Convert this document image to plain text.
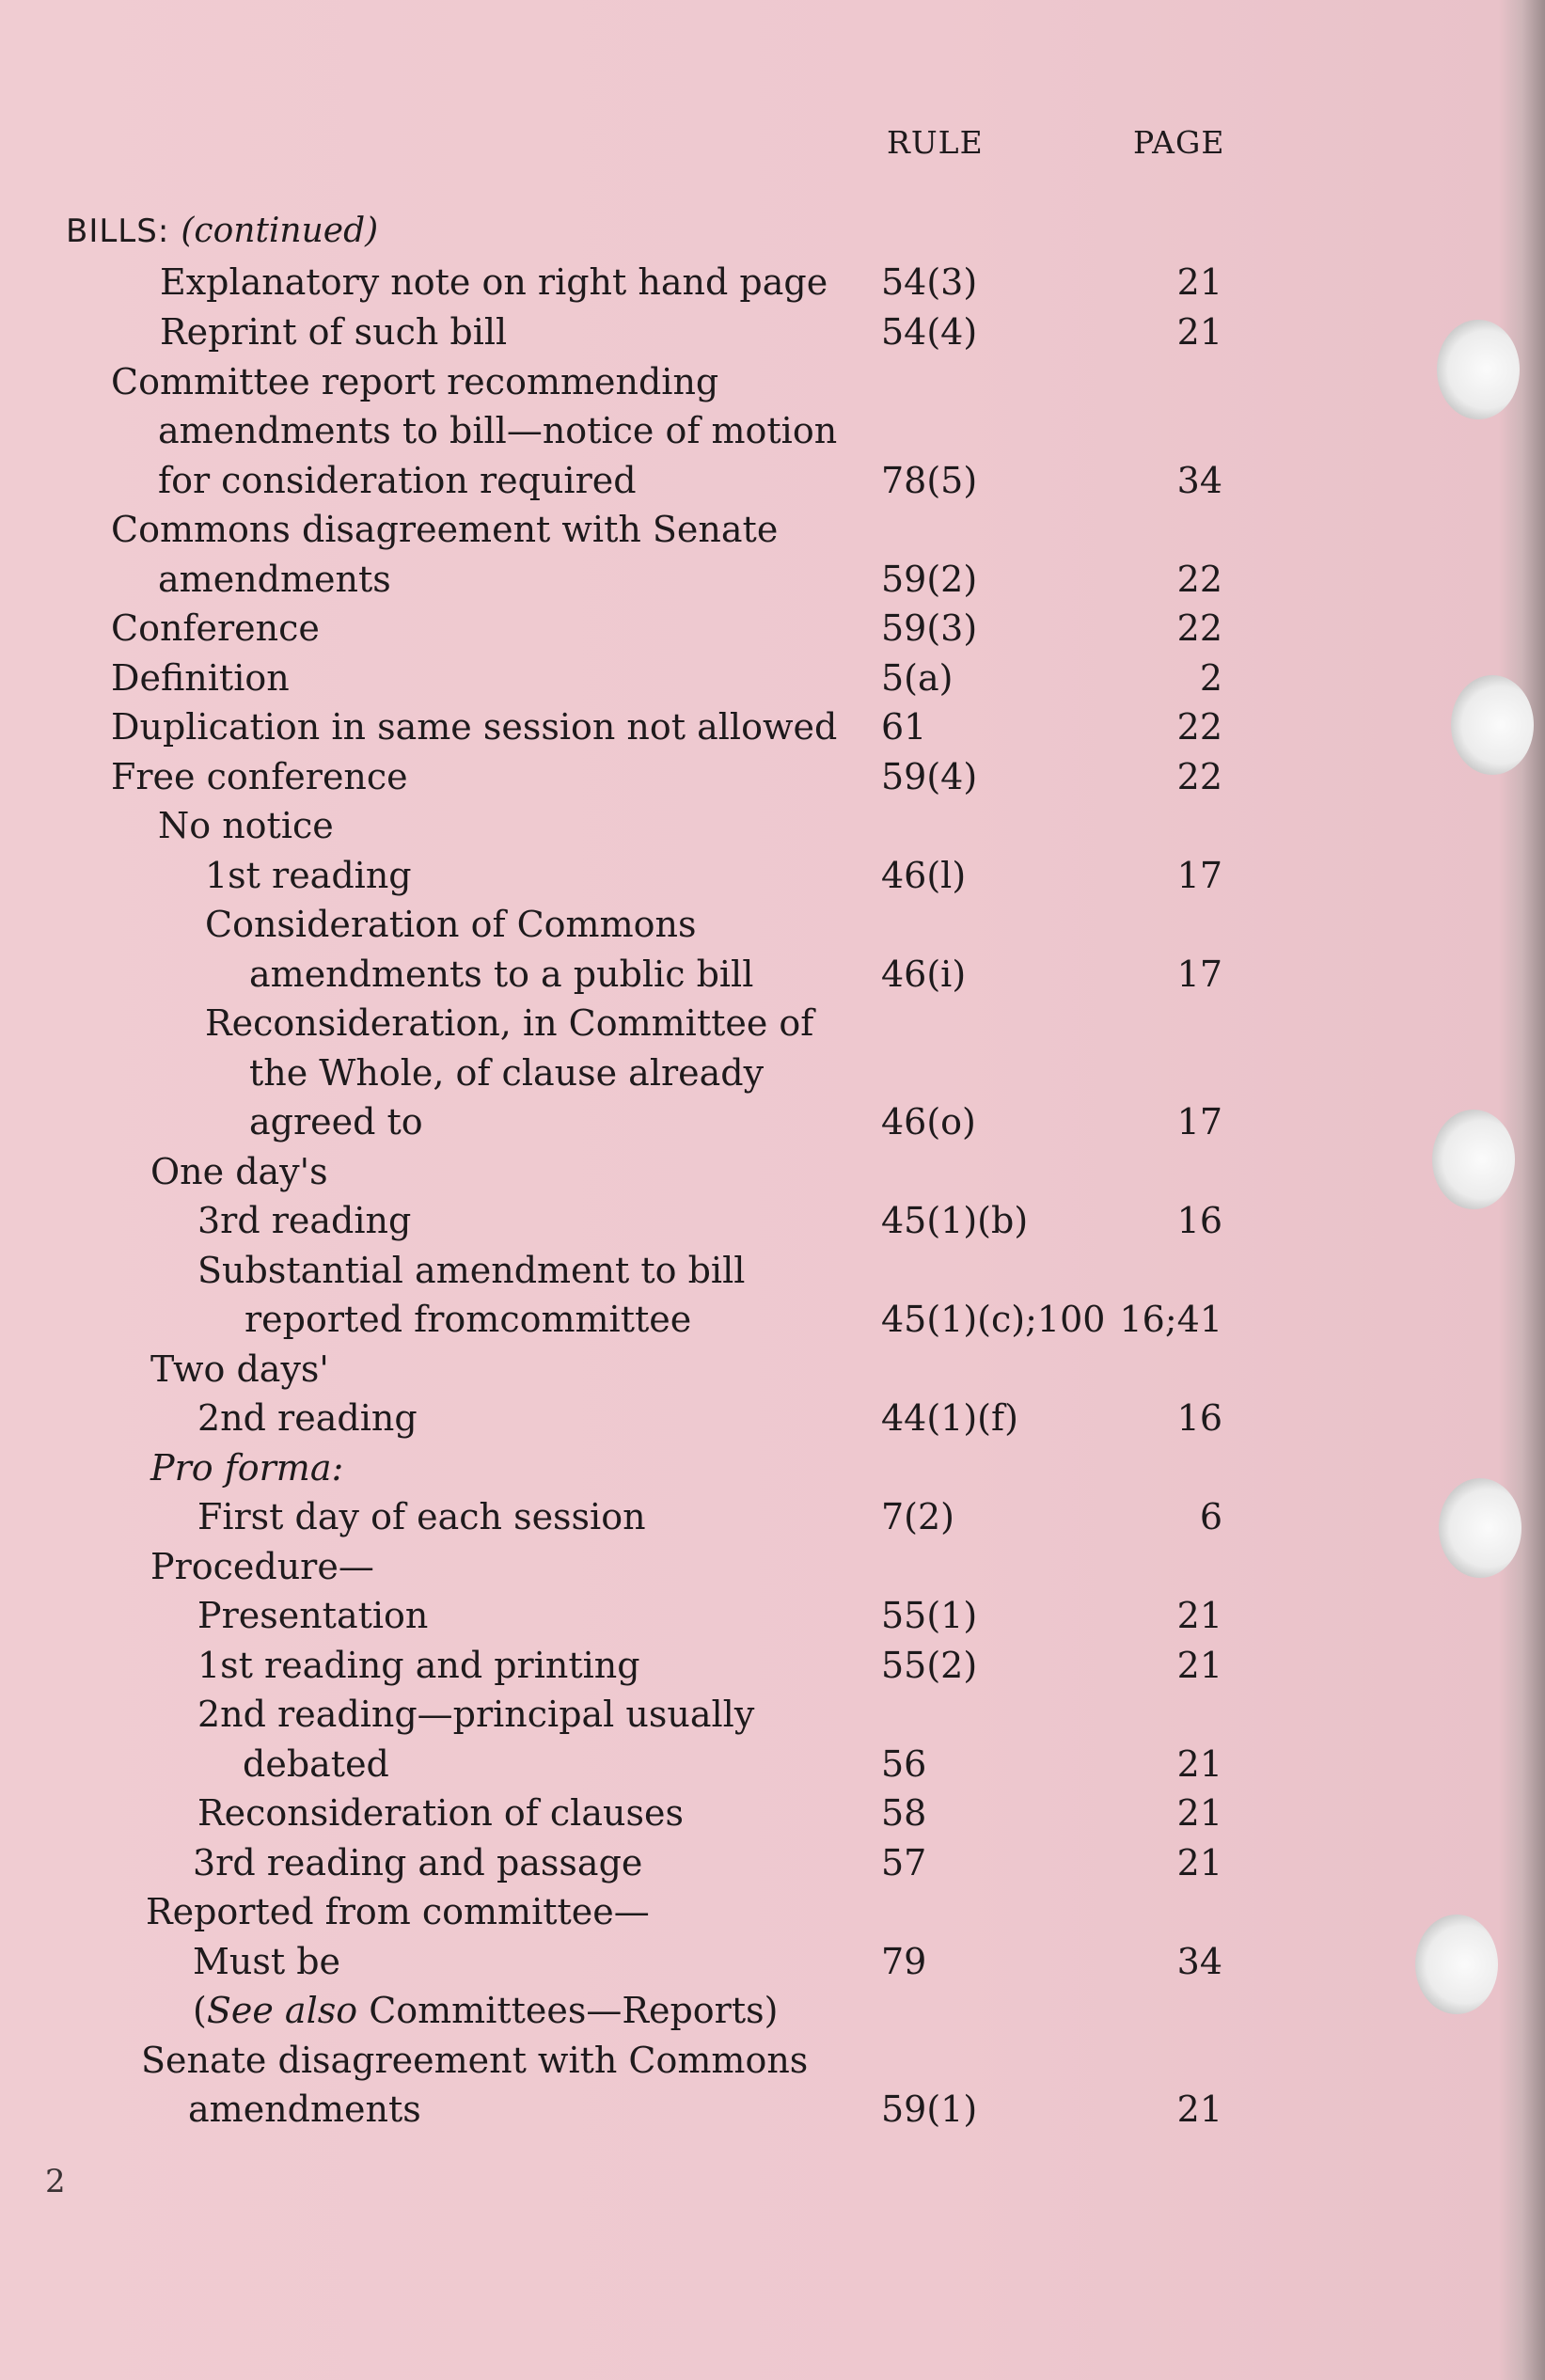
RULE	PAGE
BILLS: (continued)
Explanatory note on right hand page 54(3)	21
Reprint of such bill	54(4)	21
Committee report recommending
amendments to bill—notice of motion
for consideration required	78(5)	34
Commons disagreement with Senate
amendments	59(2)	22
Conference	59(3)	22
Definition	5(a)	2
Duplication in same session not allowed 61	22
Free conference	59(4)	22
No notice
1st reading	46(l)	17
Consideration of Commons
amendments to a public bill	46(i)	17
Reconsideration, in Committee of
the Whole, of clause already
agreed to	46(o)	17
One day's
3rd reading	45(1)(b)	16
Substantial amendment to bill
reported fromcommittee	45(1)(c);100 16;41
Two days'
2nd reading	44(1)(f)	16
Pro forma:
First day of each session	7(2)	6
Procedure—
Presentation	55(1)	21
1st reading and printing	55(2)	21
2nd reading—principal usually
debated	56	21
Reconsideration of clauses	58	21
3rd reading and passage	57	21
Reported from committee—
Must be	79	34
(See also Committees—Reports)
Senate disagreement with Commons
amendments	59(1)	21
2
